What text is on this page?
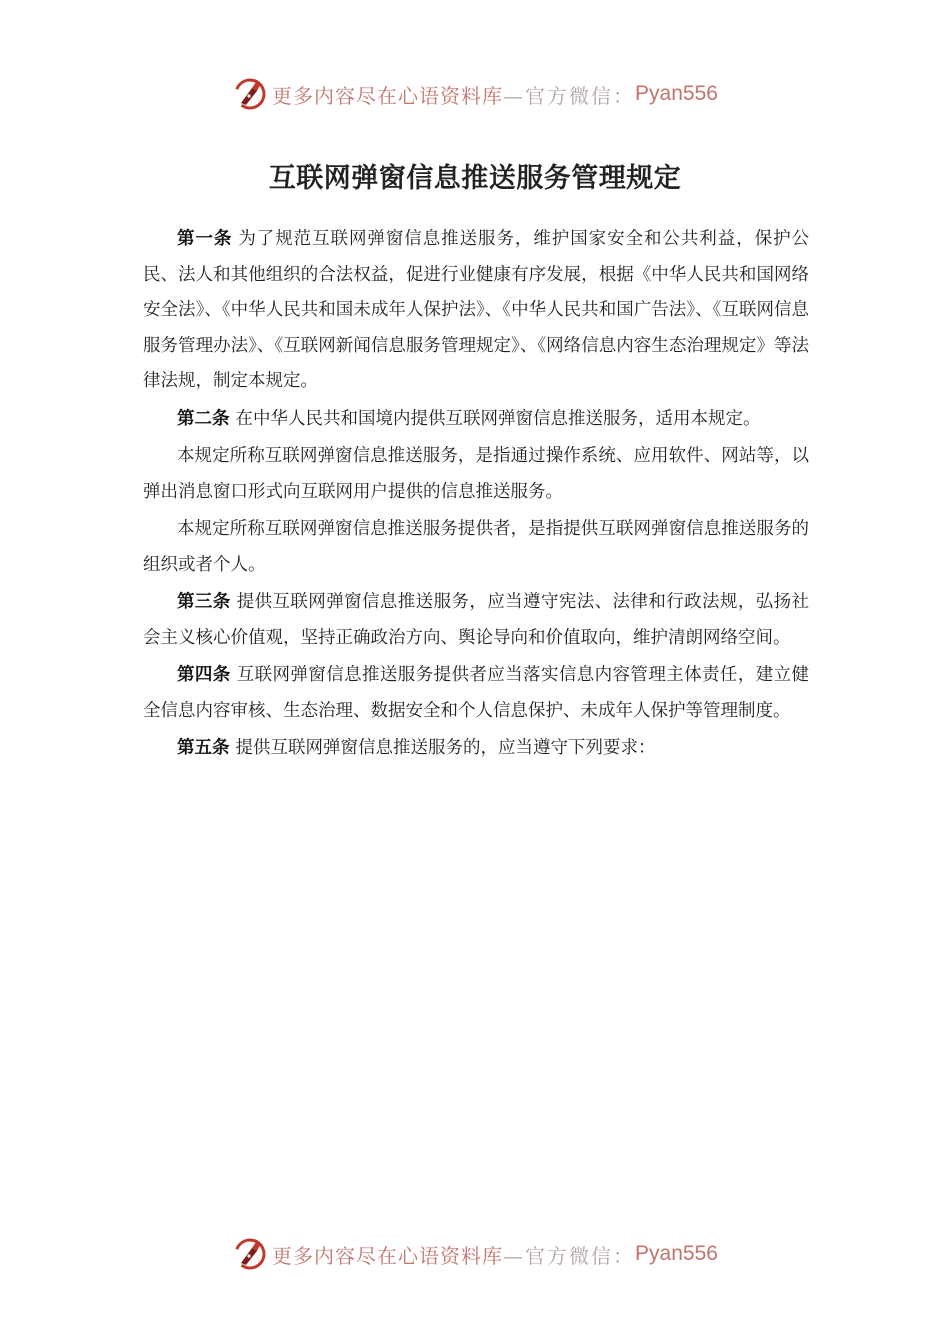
更多内容尽在心语资料库 —官方微信： Pyan556
互联网弹窗信息推送服务管理规定

第一条 为了规范互联网弹窗信息推送服务，维护国家安全和公共利益，保护公民、法人和其他组织的合法权益，促进行业健康有序发展，根据《中华人民共和国网络安全法》、《中华人民共和国未成年人保护法》、《中华人民共和国广告法》、《互联网信息服务管理办法》、《互联网新闻信息服务管理规定》、《网络信息内容生态治理规定》等法律法规，制定本规定。

第二条 在中华人民共和国境内提供互联网弹窗信息推送服务，适用本规定。

本规定所称互联网弹窗信息推送服务，是指通过操作系统、应用软件、网站等，以弹出消息窗口形式向互联网用户提供的信息推送服务。

本规定所称互联网弹窗信息推送服务提供者，是指提供互联网弹窗信息推送服务的组织或者个人。

第三条 提供互联网弹窗信息推送服务，应当遵守宪法、法律和行政法规，弘扬社会主义核心价值观，坚持正确政治方向、舆论导向和价值取向，维护清朗网络空间。

第四条 互联网弹窗信息推送服务提供者应当落实信息内容管理主体责任，建立健全信息内容审核、生态治理、数据安全和个人信息保护、未成年人保护等管理制度。

第五条 提供互联网弹窗信息推送服务的，应当遵守下列要求：

更多内容尽在心语资料库 —官方微信： Pyan556
